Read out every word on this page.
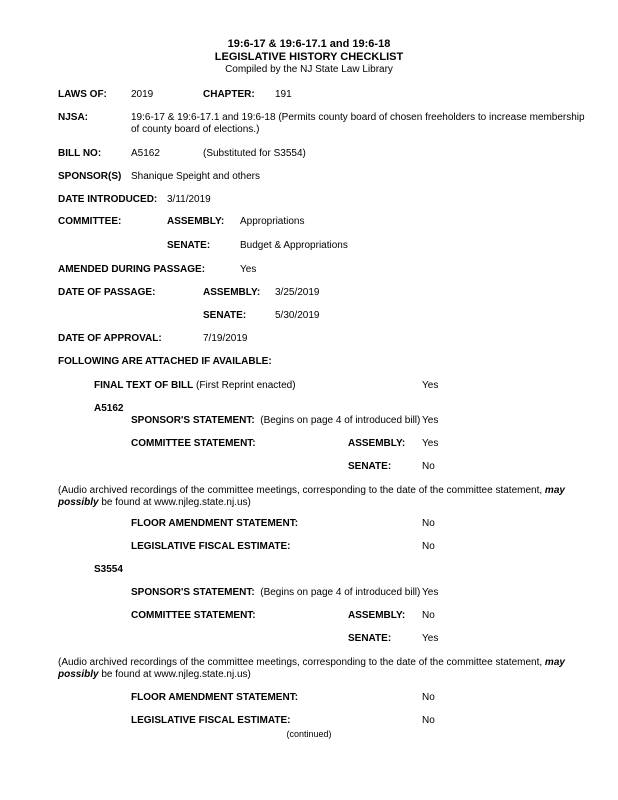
19:6-17 & 19:6-17.1 and 19:6-18
LEGISLATIVE HISTORY CHECKLIST
Compiled by the NJ State Law Library
LAWS OF: 2019	CHAPTER: 191
NJSA:	19:6-17 & 19:6-17.1 and 19:6-18 (Permits county board of chosen freeholders to increase membership of county board of elections.)
BILL NO:	A5162	(Substituted for S3554)
SPONSOR(S) Shanique Speight and others
DATE INTRODUCED: 3/11/2019
COMMITTEE:	ASSEMBLY: Appropriations
SENATE:	Budget & Appropriations
AMENDED DURING PASSAGE:	Yes
DATE OF PASSAGE:	ASSEMBLY: 3/25/2019
SENATE:	5/30/2019
DATE OF APPROVAL:	7/19/2019
FOLLOWING ARE ATTACHED IF AVAILABLE:
FINAL TEXT OF BILL (First Reprint enacted)	Yes
A5162
SPONSOR'S STATEMENT: (Begins on page 4 of introduced bill) Yes
COMMITTEE STATEMENT:	ASSEMBLY: Yes
SENATE:	No
(Audio archived recordings of the committee meetings, corresponding to the date of the committee statement, may possibly be found at www.njleg.state.nj.us)
FLOOR AMENDMENT STATEMENT:	No
LEGISLATIVE FISCAL ESTIMATE:	No
S3554
SPONSOR'S STATEMENT: (Begins on page 4 of introduced bill) Yes
COMMITTEE STATEMENT:	ASSEMBLY: No
SENATE:	Yes
(Audio archived recordings of the committee meetings, corresponding to the date of the committee statement, may possibly be found at www.njleg.state.nj.us)
FLOOR AMENDMENT STATEMENT:	No
LEGISLATIVE FISCAL ESTIMATE:	No
(continued)
